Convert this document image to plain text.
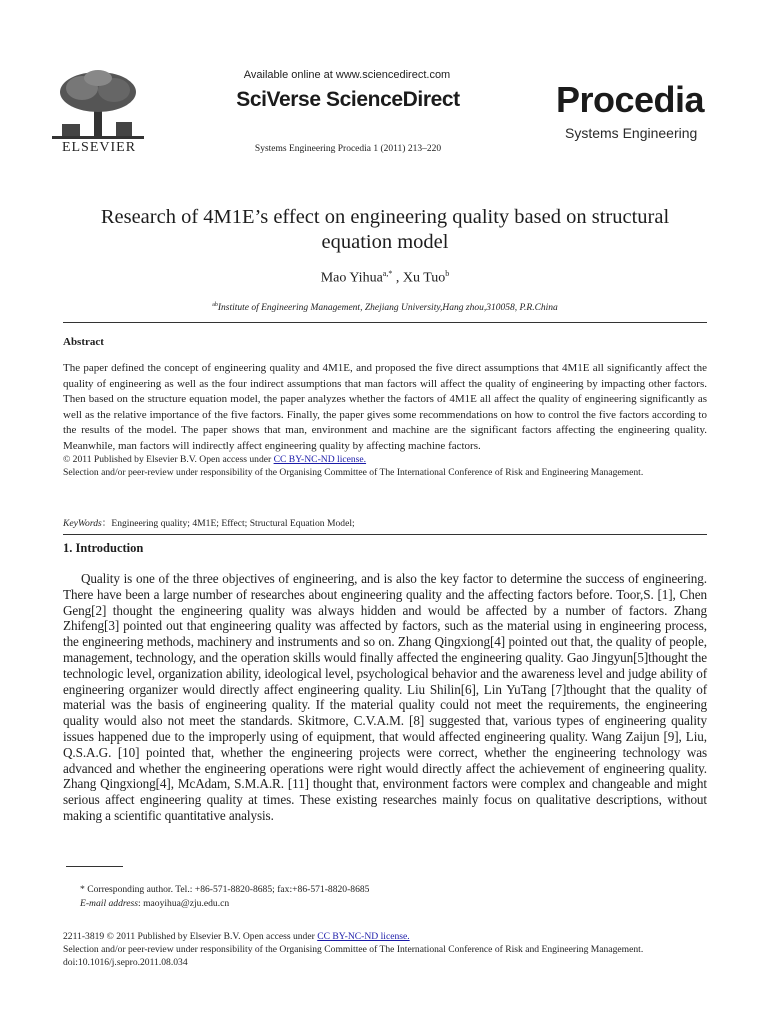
ELSEVIER
Available online at www.sciencedirect.com
SciVerse ScienceDirect
Systems Engineering Procedia 1 (2011) 213–220
Procedia
Systems Engineering
Research of 4M1E’s effect on engineering quality based on structural equation model
Mao Yihua$^{a,*}$ , Xu Tuo$^b$
$^{ab}$Institute of Engineering Management, Zhejiang University,Hang zhou,310058, P.R.China
Abstract
The paper defined the concept of engineering quality and 4M1E, and proposed the five direct assumptions that 4M1E all significantly affect the quality of engineering as well as the four indirect assumptions that man factors will affect the quality of engineering by impacting other factors. Then based on the structure equation model, the paper analyzes whether the factors of 4M1E all affect the quality of engineering significantly as well as the relative importance of the five factors. Finally, the paper gives some recommendations on how to control the five factors according to the results of the model. The paper shows that man, environment and machine are the significant factors affecting the engineering quality. Meanwhile, man factors will indirectly affect engineering quality by affecting machine factors.
© 2011 Published by Elsevier B.V. Open access under CC BY-NC-ND license.
Selection and/or peer-review under responsibility of the Organising Committee of The International Conference of Risk and Engineering Management.
KeyWords：Engineering quality; 4M1E; Effect; Structural Equation Model;
1. Introduction
Quality is one of the three objectives of engineering, and is also the key factor to determine the success of engineering. There have been a large number of researches about engineering quality and the affecting factors before. Toor,S. [1], Chen Geng[2] thought the engineering quality was always hidden and would be affected by a number of factors. Zhang Zhifeng[3] pointed out that engineering quality was affected by factors, such as the material using in engineering process, the engineering methods, machinery and instruments and so on. Zhang Qingxiong[4] pointed out that, the quality of people, management, technology, and the operation skills would finally affected the engineering quality. Gao Jingyun[5]thought the technologic level, organization ability, ideological level, psychological behavior and the awareness level and judge ability of engineering organizer would directly affect engineering quality. Liu Shilin[6], Lin YuTang [7]thought that the quality of material was the basis of engineering quality. If the material quality could not meet the requirements, the engineering quality would also not meet the standards. Skitmore, C.V.A.M. [8] suggested that, various types of engineering quality issues happened due to the improperly using of equipment, that would affected engineering quality. Wang Zaijun [9], Liu, Q.S.A.G. [10] pointed that, whether the engineering projects were correct, whether the engineering technology was advanced and whether the engineering operations were right would directly affect the achievement of engineering quality. Zhang Qingxiong[4], McAdam, S.M.A.R. [11] thought that, environment factors were complex and changeable and might serious affect engineering quality at times. These existing researches mainly focus on qualitative descriptions, without making a scientific quantitative analysis.
* Corresponding author. Tel.: +86-571-8820-8685; fax:+86-571-8820-8685
E-mail address: maoyihua@zju.edu.cn
2211-3819 © 2011 Published by Elsevier B.V. Open access under CC BY-NC-ND license.
Selection and/or peer-review under responsibility of the Organising Committee of The International Conference of Risk and Engineering Management.
doi:10.1016/j.sepro.2011.08.034
